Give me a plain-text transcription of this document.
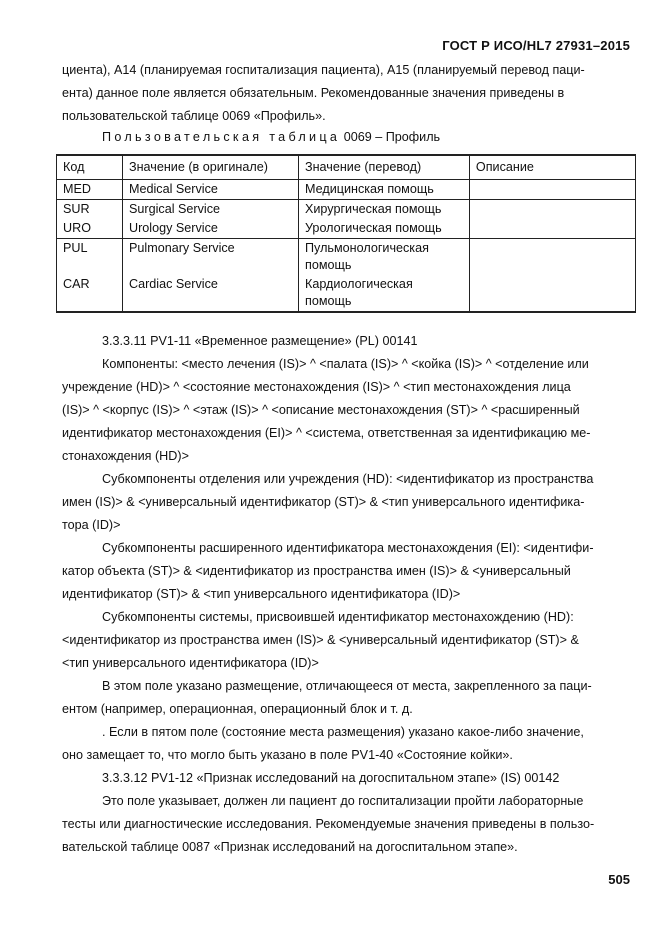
ГОСТ Р ИСО/HL7 27931–2015
циента), А14 (планируемая госпитализация пациента), А15 (планируемый перевод паци-
ента) данное поле является обязательным. Рекомендованные значения приведены в
пользовательской таблице 0069 «Профиль».
Пользовательская таблица 0069 – Профиль
Код	Значение (в оригинале)	Значение (перевод)	Описание
MED	Medical Service	Медицинская помощь	
SUR	Surgical Service	Хирургическая помощь	
URO	Urology Service	Урологическая помощь	
PUL	Pulmonary Service	Пульмонологическая помощь	
CAR	Cardiac Service	Кардиологическая помощь	
3.3.3.11 PV1-11 «Временное размещение» (PL) 00141
Компоненты: <место лечения (IS)> ^ <палата (IS)> ^ <койка (IS)> ^ <отделение или
учреждение (HD)> ^ <состояние местонахождения (IS)> ^ <тип местонахождения лица
(IS)> ^ <корпус (IS)> ^ <этаж (IS)> ^ <описание местонахождения (ST)> ^ <расширенный
идентификатор местонахождения (EI)> ^ <система, ответственная за идентификацию ме-
стонахождения (HD)>
Субкомпоненты отделения или учреждения (HD): <идентификатор из пространства
имен (IS)> & <универсальный идентификатор (ST)> & <тип универсального идентифика-
тора (ID)>
Субкомпоненты расширенного идентификатора местонахождения (EI): <идентифи-
катор объекта (ST)> & <идентификатор из пространства имен (IS)> & <универсальный
идентификатор (ST)> & <тип универсального идентификатора (ID)>
Субкомпоненты системы, присвоившей идентификатор местонахождению (HD):
<идентификатор из пространства имен (IS)> & <универсальный идентификатор (ST)> &
<тип универсального идентификатора (ID)>
В этом поле указано размещение, отличающееся от места, закрепленного за паци-
ентом (например, операционная, операционный блок и т. д.
. Если в пятом поле (состояние места размещения) указано какое-либо значение,
оно замещает то, что могло быть указано в поле PV1-40 «Состояние койки».
3.3.3.12 PV1-12 «Признак исследований на догоспитальном этапе» (IS) 00142
Это поле указывает, должен ли пациент до госпитализации пройти лабораторные
тесты или диагностические исследования. Рекомендуемые значения приведены в пользо-
вательской таблице 0087 «Признак исследований на догоспитальном этапе».
505
